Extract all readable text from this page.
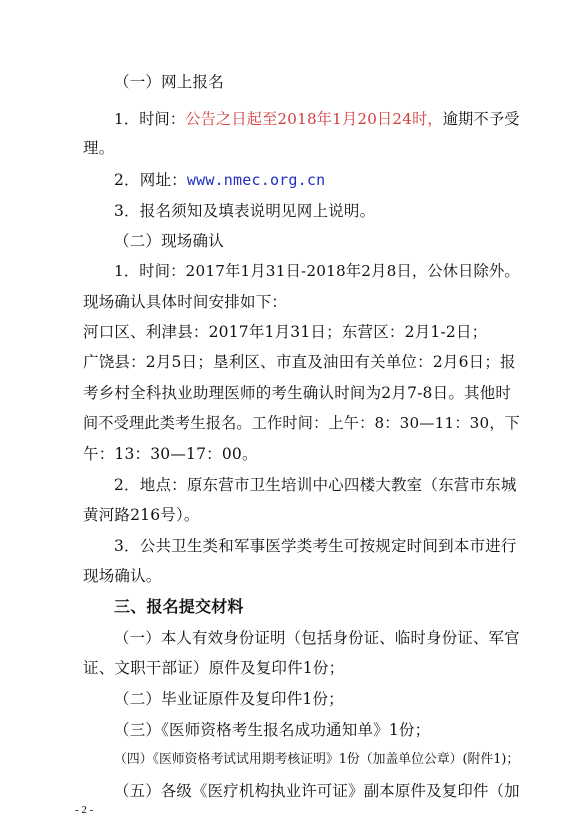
（一）网上报名
1．时间：公告之日起至2018年1月20日24时，逾期不予受
理。
2．网址：www.nmec.org.cn
3．报名须知及填表说明见网上说明。
（二）现场确认
1．时间：2017年1月31日-2018年2月8日，公休日除外。
现场确认具体时间安排如下：
河口区、利津县：2017年1月31日；东营区：2月1-2日；
广饶县：2月5日；垦利区、市直及油田有关单位：2月6日；报
考乡村全科执业助理医师的考生确认时间为2月7-8日。其他时
间不受理此类考生报名。工作时间：上午：8：30—11：30，下
午：13：30—17：00。
2．地点：原东营市卫生培训中心四楼大教室（东营市东城
黄河路216号）。
3．公共卫生类和军事医学类考生可按规定时间到本市进行
现场确认。
三、报名提交材料
（一）本人有效身份证明（包括身份证、临时身份证、军官
证、文职干部证）原件及复印件1份；
（二）毕业证原件及复印件1份；
（三）《医师资格考生报名成功通知单》1份；
（四）《医师资格考试试用期考核证明》1份（加盖单位公章）(附件1)；
（五）各级《医疗机构执业许可证》副本原件及复印件（加
- 2 -
